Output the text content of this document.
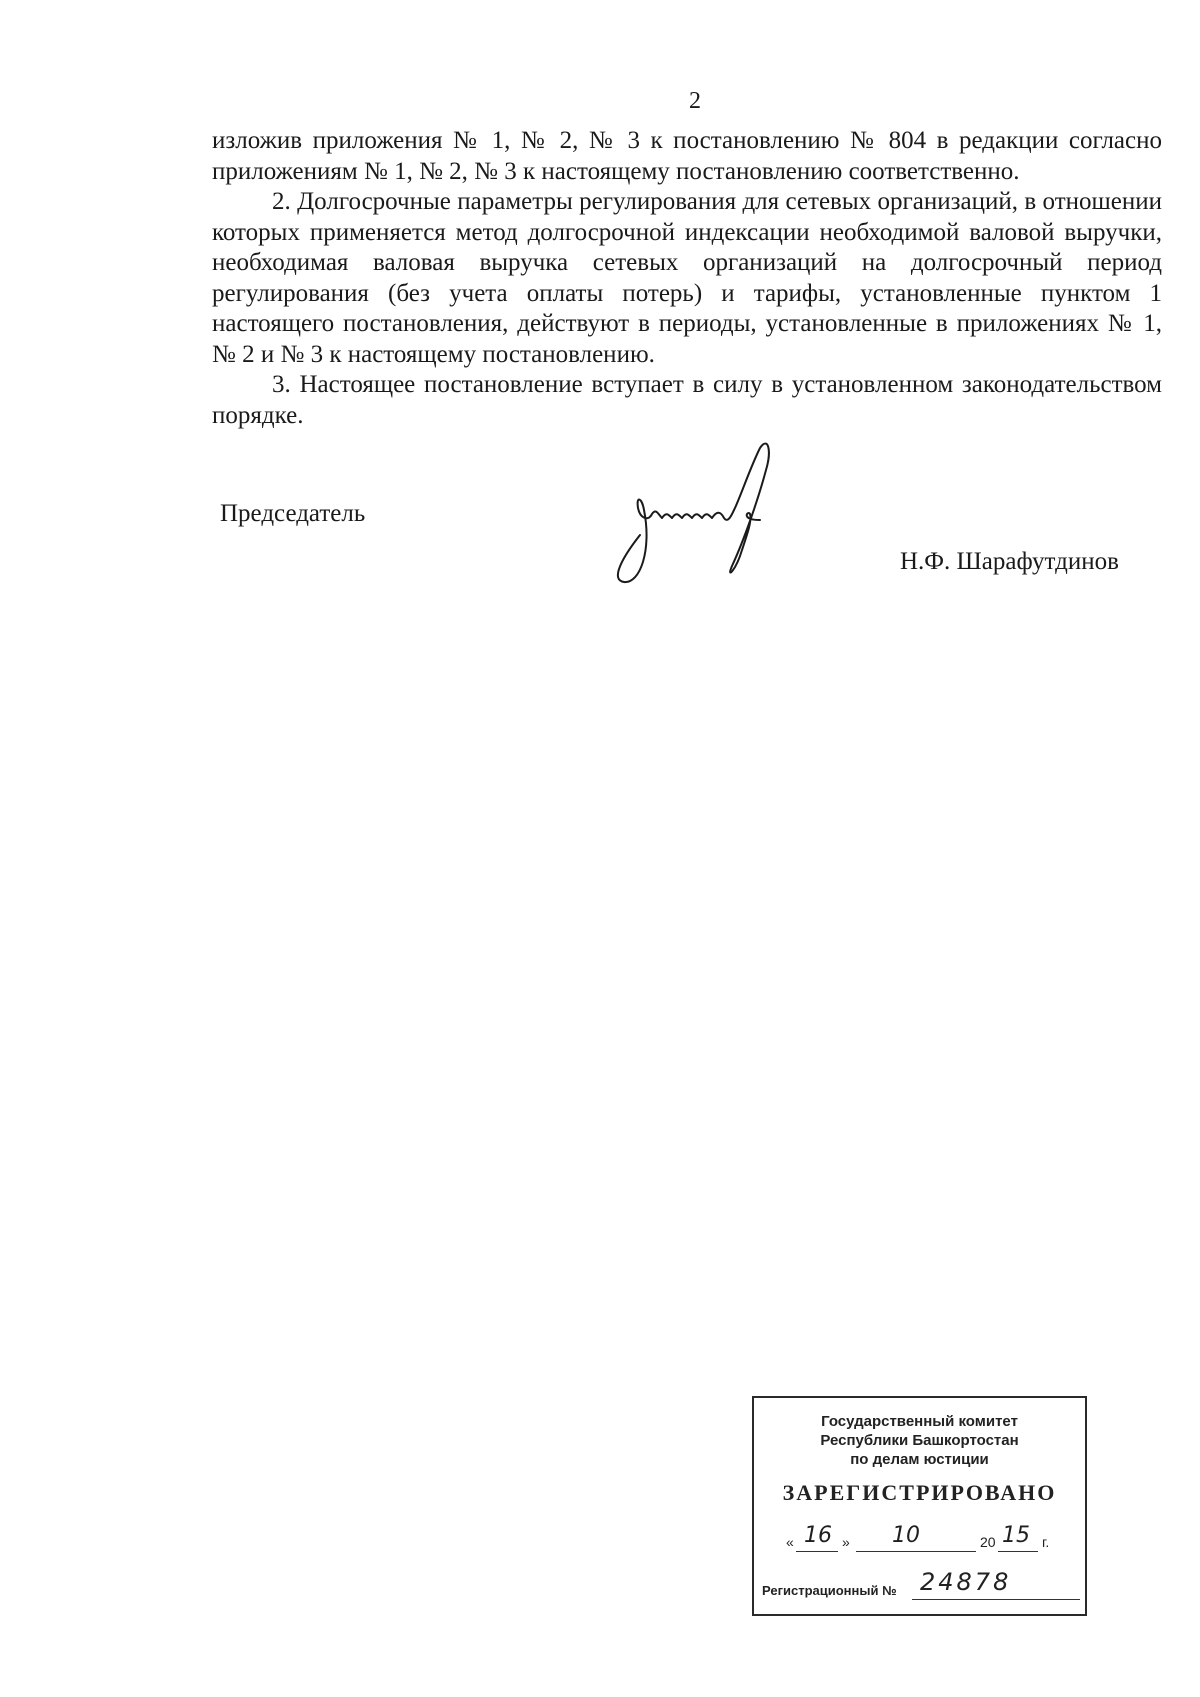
2

изложив приложения № 1, № 2, № 3 к постановлению № 804 в редакции согласно приложениям № 1, № 2, № 3 к настоящему постановлению соответственно.

2. Долгосрочные параметры регулирования для сетевых организаций, в отношении которых применяется метод долгосрочной индексации необходимой валовой выручки, необходимая валовая выручка сетевых организаций на долгосрочный период регулирования (без учета оплаты потерь) и тарифы, установленные пунктом 1 настоящего постановления, действуют в периоды, установленные в приложениях № 1, № 2 и № 3 к настоящему постановлению.

3. Настоящее постановление вступает в силу в установленном законодательством порядке.

Председатель
Н.Ф. Шарафутдинов
Государственный комитет
Республики Башкортостан
по делам юстиции
ЗАРЕГИСТРИРОВАНО
« 16 » 10	20 15 г.
Регистрационный № 24878
